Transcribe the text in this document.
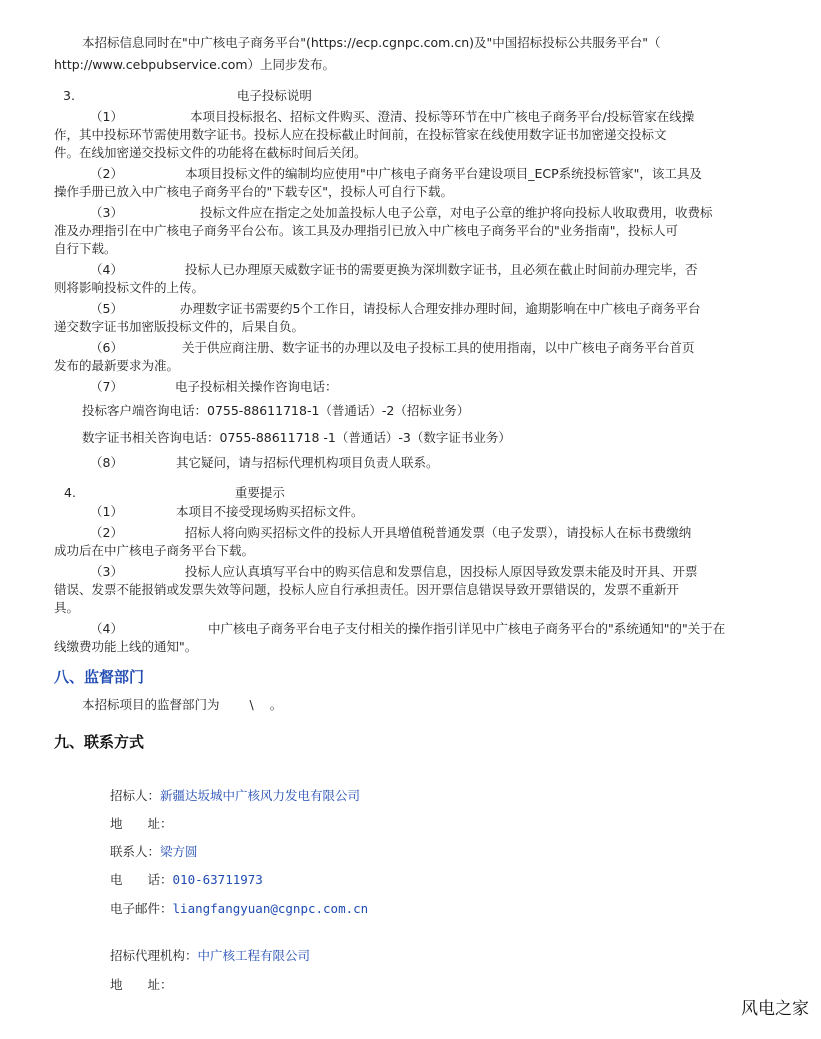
本招标信息同时在"中广核电子商务平台"(https://ecp.cgnpc.com.cn)及"中国招标投标公共服务平台"（
http://www.cebpubservice.com）上同步发布。
3.	电子投标说明
（1）	本项目投标报名、招标文件购买、澄清、投标等环节在中广核电子商务平台/投标管家在线操
作，其中投标环节需使用数字证书。投标人应在投标截止时间前，在投标管家在线使用数字证书加密递交投标文
件。在线加密递交投标文件的功能将在截标时间后关闭。
（2）	本项目投标文件的编制均应使用"中广核电子商务平台建设项目_ECP系统投标管家"，该工具及
操作手册已放入中广核电子商务平台的"下载专区"，投标人可自行下载。
（3）	投标文件应在指定之处加盖投标人电子公章，对电子公章的维护将向投标人收取费用，收费标
准及办理指引在中广核电子商务平台公布。该工具及办理指引已放入中广核电子商务平台的"业务指南"，投标人可
自行下载。
（4）	投标人已办理原天威数字证书的需要更换为深圳数字证书，且必须在截止时间前办理完毕，否
则将影响投标文件的上传。
（5）	办理数字证书需要约5个工作日，请投标人合理安排办理时间，逾期影响在中广核电子商务平台
递交数字证书加密版投标文件的，后果自负。
（6）	关于供应商注册、数字证书的办理以及电子投标工具的使用指南，以中广核电子商务平台首页
发布的最新要求为准。
（7）	电子投标相关操作咨询电话：
投标客户端咨询电话：0755-88611718-1（普通话）-2（招标业务）
数字证书相关咨询电话：0755-88611718 -1（普通话）-3（数字证书业务）
（8）	其它疑问，请与招标代理机构项目负责人联系。
4.	重要提示
（1）	本项目不接受现场购买招标文件。
（2）	招标人将向购买招标文件的投标人开具增值税普通发票（电子发票），请投标人在标书费缴纳
成功后在中广核电子商务平台下载。
（3）	投标人应认真填写平台中的购买信息和发票信息，因投标人原因导致发票未能及时开具、开票
错误、发票不能报销或发票失效等问题，投标人应自行承担责任。因开票信息错误导致开票错误的，发票不重新开
具。
（4）	中广核电子商务平台电子支付相关的操作指引详见中广核电子商务平台的"系统通知"的"关于在
线缴费功能上线的通知"。
八、监督部门
本招标项目的监督部门为 \ 。
九、联系方式
招标人：新疆达坂城中广核风力发电有限公司
地　　址：
联系人：梁方圆
电　　话：010-63711973
电子邮件：liangfangyuan@cgnpc.com.cn
招标代理机构：中广核工程有限公司
地　　址：
风电之家
